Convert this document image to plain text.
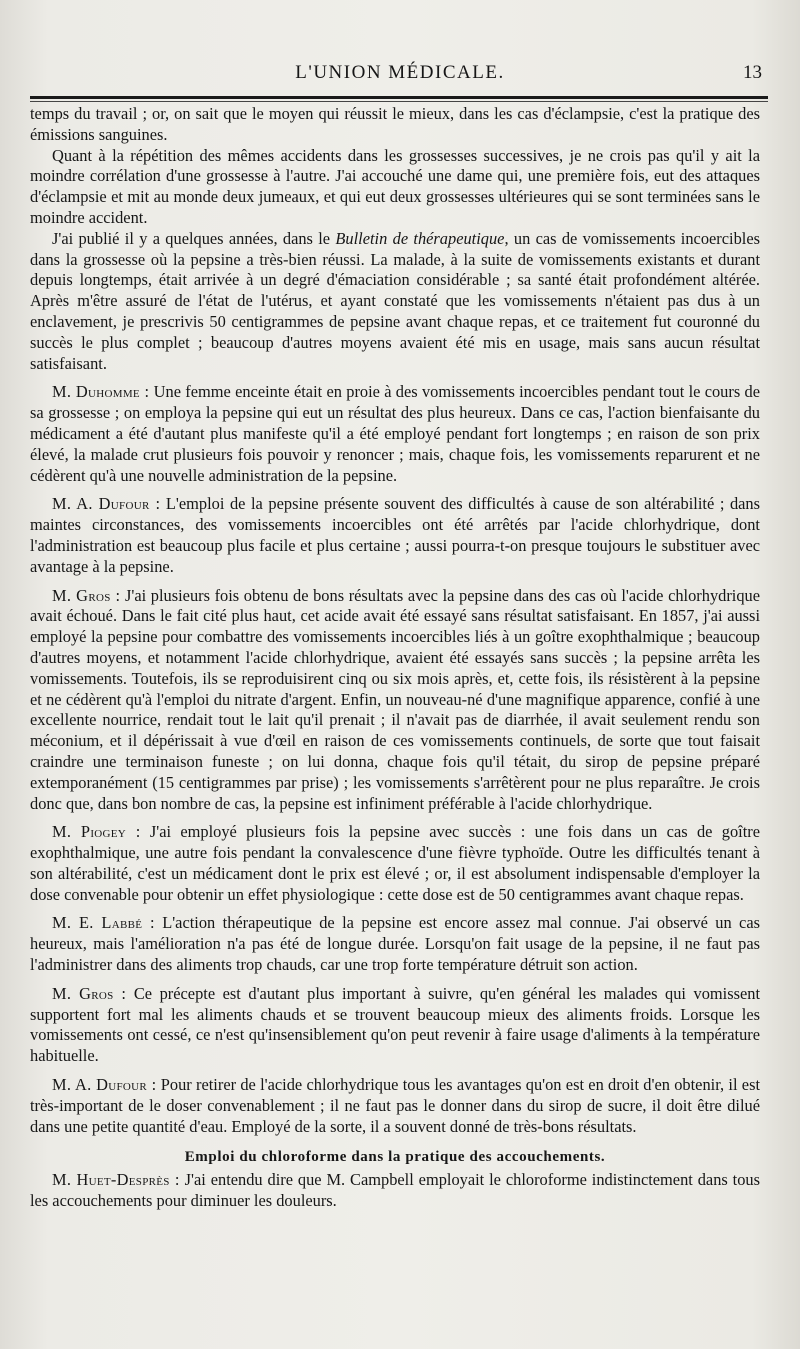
L'UNION MÉDICALE.	13

temps du travail ; or, on sait que le moyen qui réussit le mieux, dans les cas d'éclampsie, c'est la pratique des émissions sanguines.

Quant à la répétition des mêmes accidents dans les grossesses successives, je ne crois pas qu'il y ait la moindre corrélation d'une grossesse à l'autre. J'ai accouché une dame qui, une première fois, eut des attaques d'éclampsie et mit au monde deux jumeaux, et qui eut deux grossesses ultérieures qui se sont terminées sans le moindre accident.

J'ai publié il y a quelques années, dans le Bulletin de thérapeutique, un cas de vomissements incoercibles dans la grossesse où la pepsine a très-bien réussi. La malade, à la suite de vomissements existants et durant depuis longtemps, était arrivée à un degré d'émaciation considérable ; sa santé était profondément altérée. Après m'être assuré de l'état de l'utérus, et ayant constaté que les vomissements n'étaient pas dus à un enclavement, je prescrivis 50 centigrammes de pepsine avant chaque repas, et ce traitement fut couronné du succès le plus complet ; beaucoup d'autres moyens avaient été mis en usage, mais sans aucun résultat satisfaisant.

M. Duhomme : Une femme enceinte était en proie à des vomissements incoercibles pendant tout le cours de sa grossesse ; on employa la pepsine qui eut un résultat des plus heureux. Dans ce cas, l'action bienfaisante du médicament a été d'autant plus manifeste qu'il a été employé pendant fort longtemps ; en raison de son prix élevé, la malade crut plusieurs fois pouvoir y renoncer ; mais, chaque fois, les vomissements reparurent et ne cédèrent qu'à une nouvelle administration de la pepsine.

M. A. Dufour : L'emploi de la pepsine présente souvent des difficultés à cause de son altérabilité ; dans maintes circonstances, des vomissements incoercibles ont été arrêtés par l'acide chlorhydrique, dont l'administration est beaucoup plus facile et plus certaine ; aussi pourra-t-on presque toujours le substituer avec avantage à la pepsine.

M. Gros : J'ai plusieurs fois obtenu de bons résultats avec la pepsine dans des cas où l'acide chlorhydrique avait échoué. Dans le fait cité plus haut, cet acide avait été essayé sans résultat satisfaisant. En 1857, j'ai aussi employé la pepsine pour combattre des vomissements incoercibles liés à un goître exophthalmique ; beaucoup d'autres moyens, et notamment l'acide chlorhydrique, avaient été essayés sans succès ; la pepsine arrêta les vomissements. Toutefois, ils se reproduisirent cinq ou six mois après, et, cette fois, ils résistèrent à la pepsine et ne cédèrent qu'à l'emploi du nitrate d'argent. Enfin, un nouveau-né d'une magnifique apparence, confié à une excellente nourrice, rendait tout le lait qu'il prenait ; il n'avait pas de diarrhée, il avait seulement rendu son méconium, et il dépérissait à vue d'œil en raison de ces vomissements continuels, de sorte que tout faisait craindre une terminaison funeste ; on lui donna, chaque fois qu'il tétait, du sirop de pepsine préparé extemporanément (15 centigrammes par prise) ; les vomissements s'arrêtèrent pour ne plus reparaître. Je crois donc que, dans bon nombre de cas, la pepsine est infiniment préférable à l'acide chlorhydrique.

M. Piogey : J'ai employé plusieurs fois la pepsine avec succès : une fois dans un cas de goître exophthalmique, une autre fois pendant la convalescence d'une fièvre typhoïde. Outre les difficultés tenant à son altérabilité, c'est un médicament dont le prix est élevé ; or, il est absolument indispensable d'employer la dose convenable pour obtenir un effet physiologique : cette dose est de 50 centigrammes avant chaque repas.

M. E. Labbé : L'action thérapeutique de la pepsine est encore assez mal connue. J'ai observé un cas heureux, mais l'amélioration n'a pas été de longue durée. Lorsqu'on fait usage de la pepsine, il ne faut pas l'administrer dans des aliments trop chauds, car une trop forte température détruit son action.

M. Gros : Ce précepte est d'autant plus important à suivre, qu'en général les malades qui vomissent supportent fort mal les aliments chauds et se trouvent beaucoup mieux des aliments froids. Lorsque les vomissements ont cessé, ce n'est qu'insensiblement qu'on peut revenir à faire usage d'aliments à la température habituelle.

M. A. Dufour : Pour retirer de l'acide chlorhydrique tous les avantages qu'on est en droit d'en obtenir, il est très-important de le doser convenablement ; il ne faut pas le donner dans du sirop de sucre, il doit être dilué dans une petite quantité d'eau. Employé de la sorte, il a souvent donné de très-bons résultats.

Emploi du chloroforme dans la pratique des accouchements.

M. Huet-Desprès : J'ai entendu dire que M. Campbell employait le chloroforme indistinctement dans tous les accouchements pour diminuer les douleurs.
